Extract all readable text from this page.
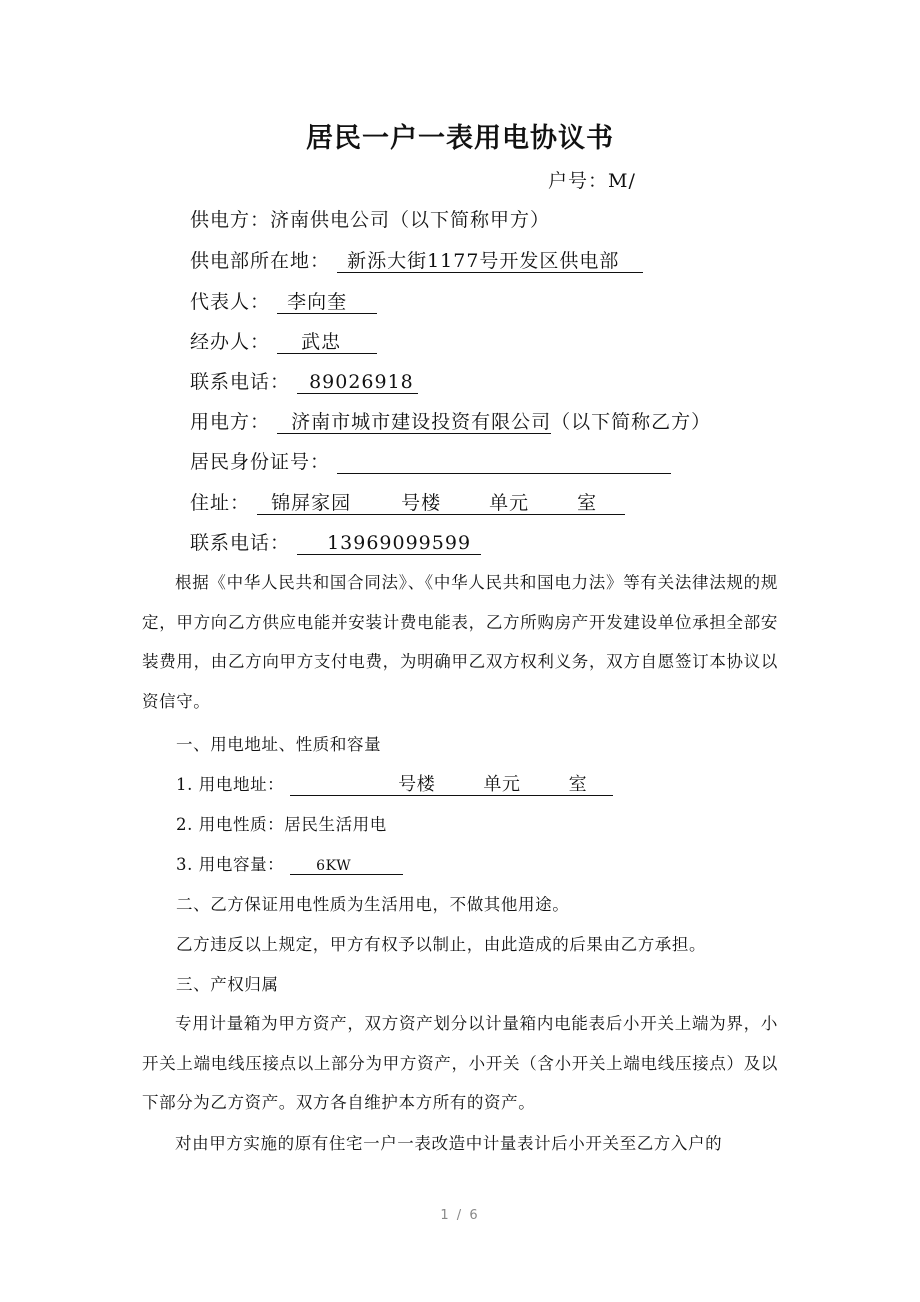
居民一户一表用电协议书
户号：M/
供电方：济南供电公司（以下简称甲方）
供电部所在地： 新泺大街1177号开发区供电部
代表人： 李向奎
经办人： 武忠
联系电话： 89026918
用电方： 济南市城市建设投资有限公司（以下简称乙方）
居民身份证号：
住址： 锦屏家园	号楼	单元	室
联系电话： 13969099599
根据《中华人民共和国合同法》、《中华人民共和国电力法》等有关法律法规的规定，甲方向乙方供应电能并安装计费电能表，乙方所购房产开发建设单位承担全部安装费用，由乙方向甲方支付电费，为明确甲乙双方权利义务，双方自愿签订本协议以资信守。
一、用电地址、性质和容量
1. 用电地址：	号楼	单元	室
2. 用电性质：居民生活用电
3. 用电容量： 6KW
二、乙方保证用电性质为生活用电，不做其他用途。
乙方违反以上规定，甲方有权予以制止，由此造成的后果由乙方承担。
三、产权归属
专用计量箱为甲方资产，双方资产划分以计量箱内电能表后小开关上端为界，小开关上端电线压接点以上部分为甲方资产，小开关（含小开关上端电线压接点）及以下部分为乙方资产。双方各自维护本方所有的资产。
对由甲方实施的原有住宅一户一表改造中计量表计后小开关至乙方入户的
1 / 6
